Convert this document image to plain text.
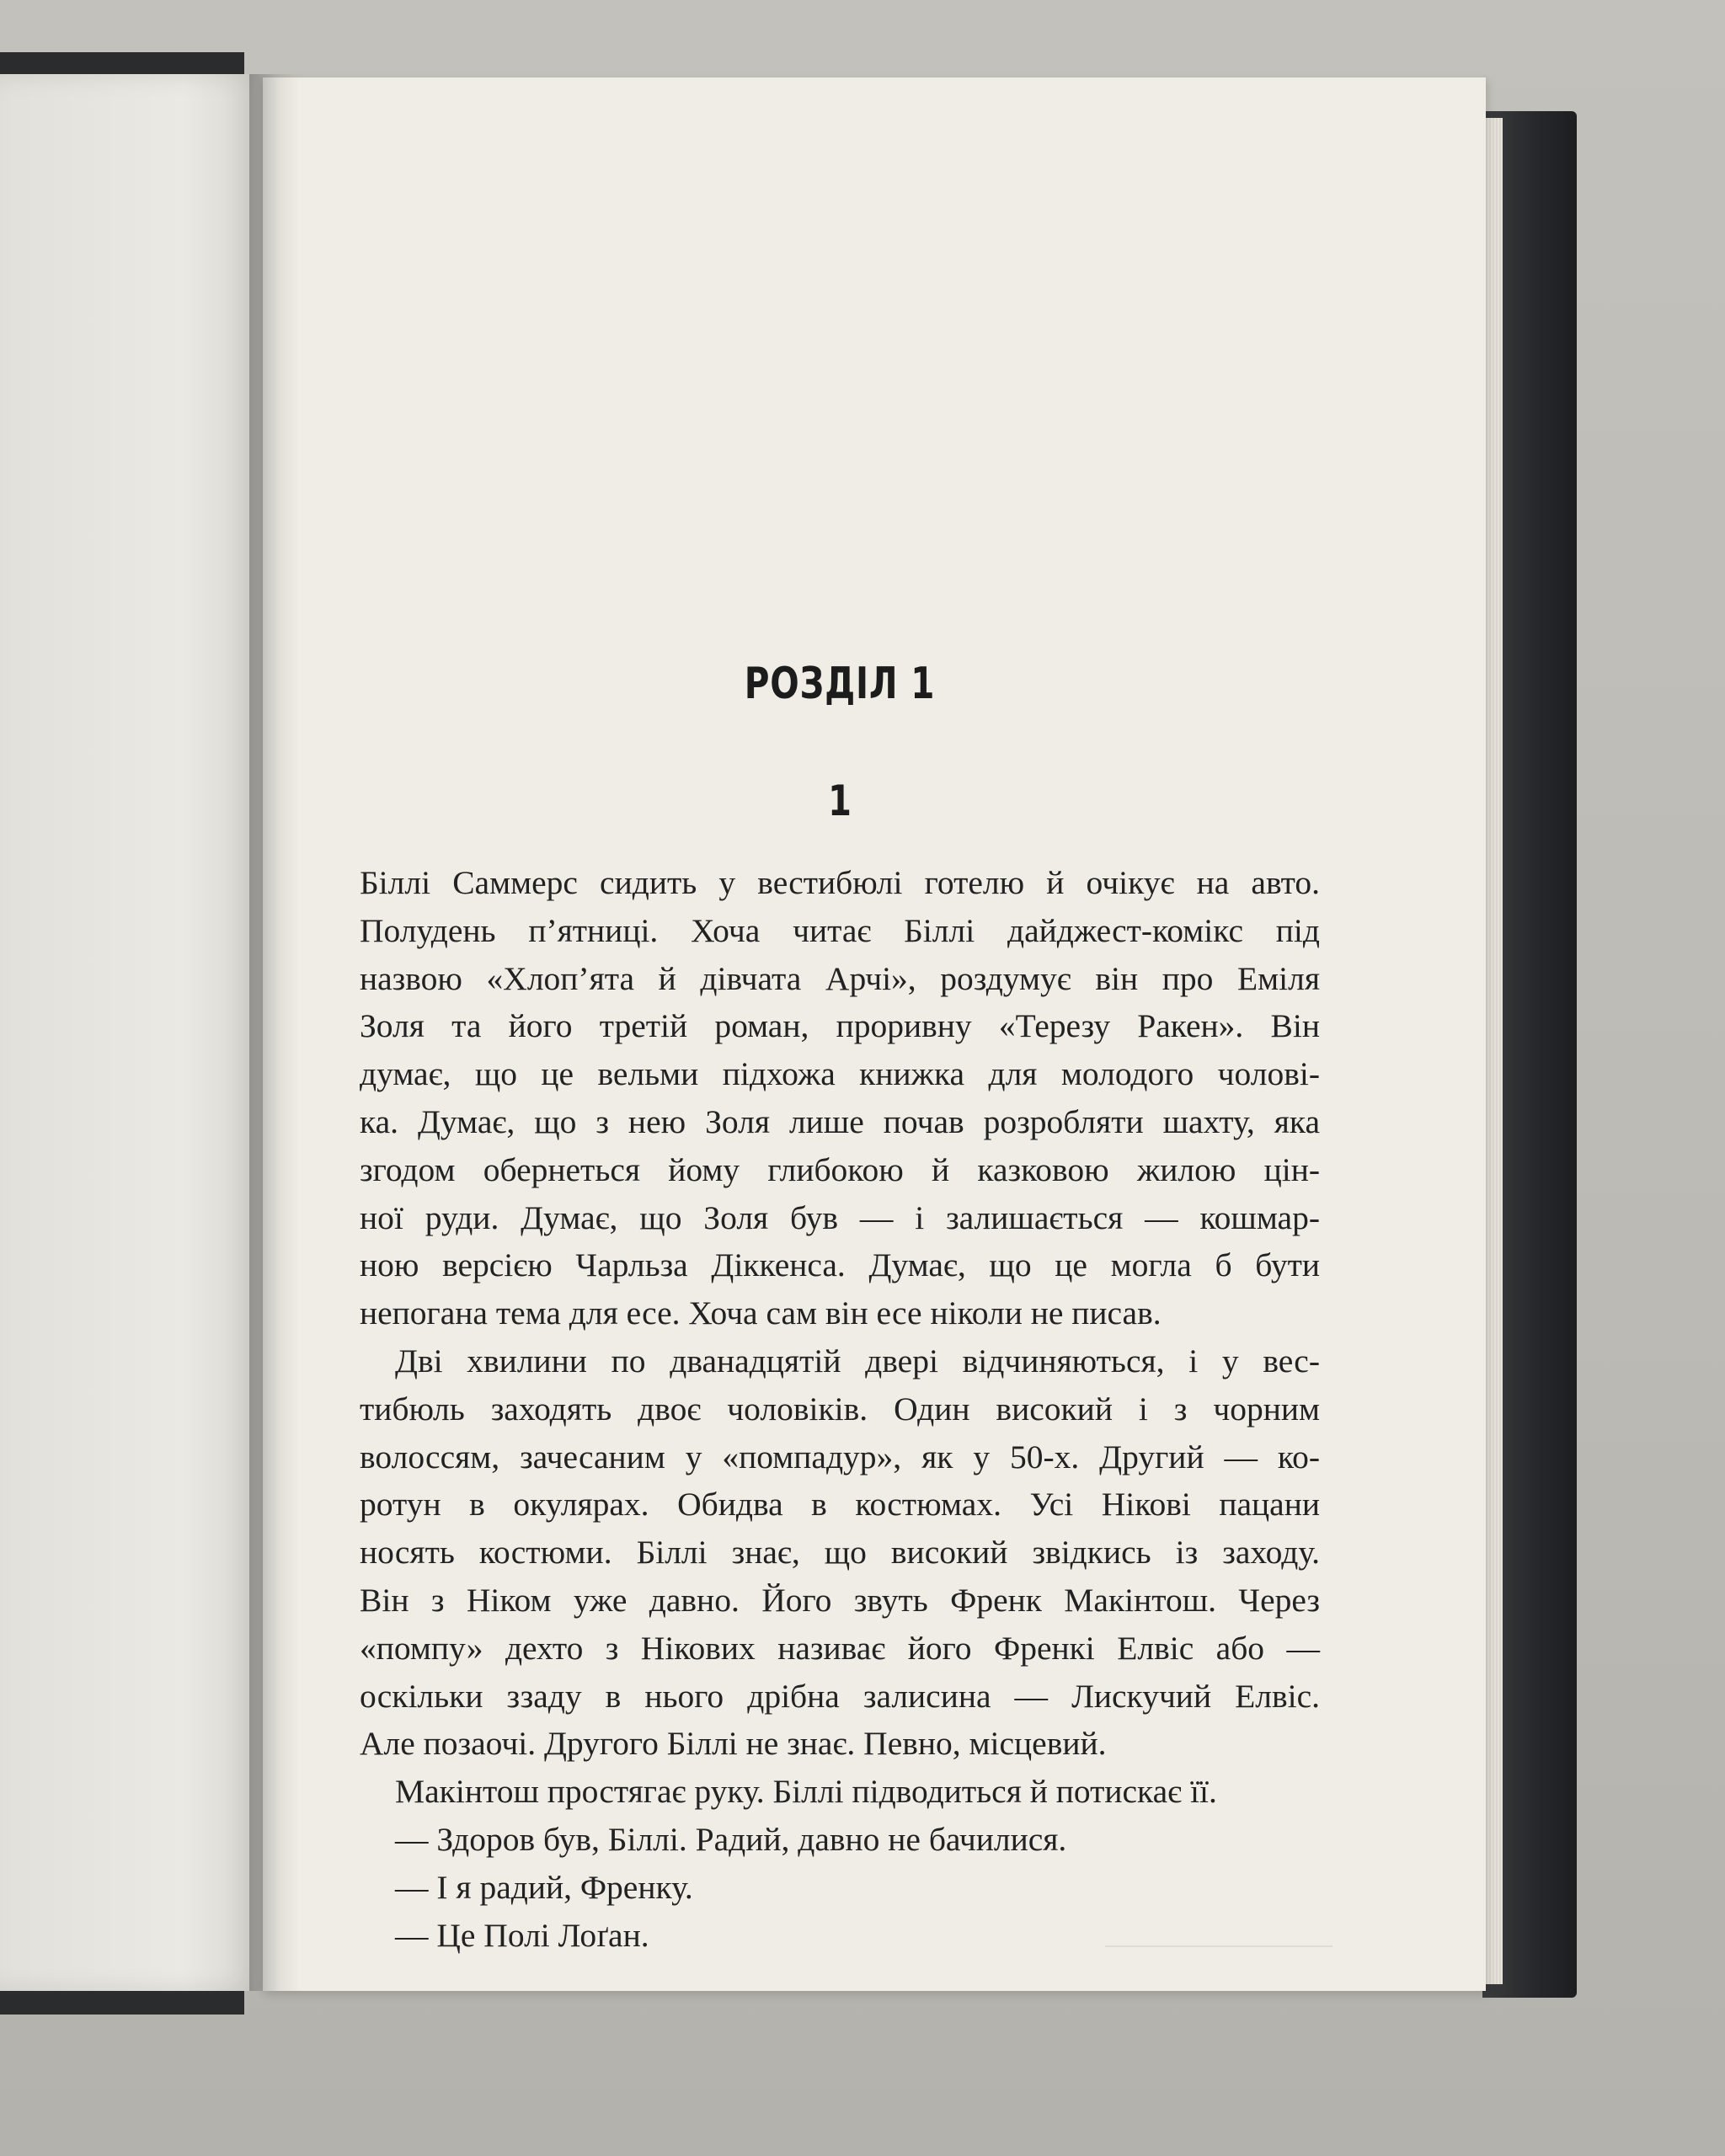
РОЗДІЛ 1
1
Біллі Саммерс сидить у вестибюлі готелю й очікує на авто.
Полудень п’ятниці. Хоча читає Біллі дайджест-комікс під
назвою «Хлоп’ята й дівчата Арчі», роздумує він про Еміля
Золя та його третій роман, проривну «Терезу Ракен». Він
думає, що це вельми підхожа книжка для молодого чолові-
ка. Думає, що з нею Золя лише почав розробляти шахту, яка
згодом обернеться йому глибокою й казковою жилою цін-
ної руди. Думає, що Золя був — і залишається — кошмар-
ною версією Чарльза Діккенса. Думає, що це могла б бути
непогана тема для есе. Хоча сам він есе ніколи не писав.
Дві хвилини по дванадцятій двері відчиняються, і у вес-
тибюль заходять двоє чоловіків. Один високий і з чорним
волоссям, зачесаним у «помпадур», як у 50-х. Другий — ко-
ротун в окулярах. Обидва в костюмах. Усі Нікові пацани
носять костюми. Біллі знає, що високий звідкись із заходу.
Він з Ніком уже давно. Його звуть Френк Макінтош. Через
«помпу» дехто з Нікових називає його Френкі Елвіс або —
оскільки ззаду в нього дрібна залисина — Лискучий Елвіс.
Але позаочі. Другого Біллі не знає. Певно, місцевий.
Макінтош простягає руку. Біллі підводиться й потискає її.
— Здоров був, Біллі. Радий, давно не бачилися.
— І я радий, Френку.
— Це Полі Лоґан.
